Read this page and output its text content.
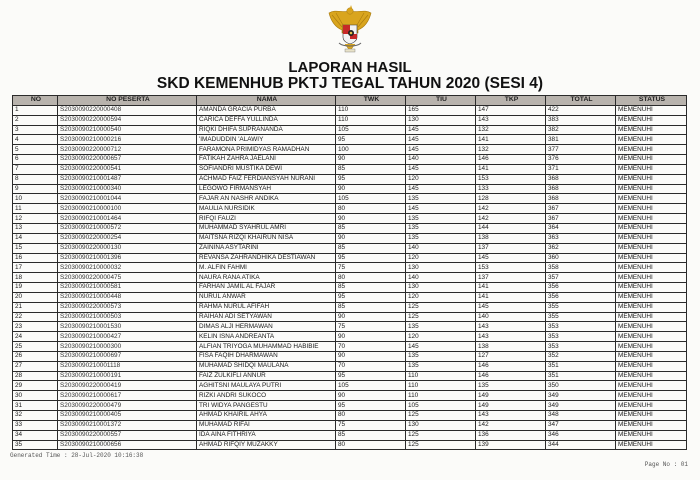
LAPORAN HASIL
SKD KEMENHUB PKTJ TEGAL TAHUN 2020 (SESI 4)
NO	NO PESERTA	NAMA	TWK	TIU	TKP	TOTAL	STATUS
1	S2030090220000408	AMANDA GRACIA PURBA	110	165	147	422	MEMENUHI
2	S2030090220000594	CARICA DEFFA YULLINDA	110	130	143	383	MEMENUHI
3	S2030090210000540	RIQKI DHIFA SUPRANANDA	105	145	132	382	MEMENUHI
4	S2030090210000216	'IMADUDDIN 'ALAWIY	95	145	141	381	MEMENUHI
5	S2030090220000712	FARAMONA PRIMIDYAS RAMADHAN	100	145	132	377	MEMENUHI
6	S2030090220000657	FATIKAH ZAHRA JAELANI	90	140	146	376	MEMENUHI
7	S2030090220000541	SOFIANDRI MUSTIKA DEWI	85	145	141	371	MEMENUHI
8	S2030090210001487	ACHMAD FAIZ FERDIANSYAH NURANI	95	120	153	368	MEMENUHI
9	S2030090210000340	LEGOWO FIRMANSYAH	90	145	133	368	MEMENUHI
10	S2030090210001044	FAJAR AN NASHR ANDIKA	105	135	128	368	MEMENUHI
11	S2030090210000100	MAULIA NURSIDIK	80	145	142	367	MEMENUHI
12	S2030090210001464	RIFQI FAUZI	90	135	142	367	MEMENUHI
13	S2030090210000572	MUHAMMAD SYAHRUL AMRI	85	135	144	364	MEMENUHI
14	S2030090220000254	MAITSNA RIZQI KHAIRUN NISA	90	135	138	363	MEMENUHI
15	S2030090220000130	ZAININA ASYTARINI	85	140	137	362	MEMENUHI
16	S2030090210001396	REVANSA ZAHRANDHIKA DESTIAWAN	95	120	145	360	MEMENUHI
17	S2030090210000032	M. ALFIN FAHMI	75	130	153	358	MEMENUHI
18	S2030090220000475	NAURA RANA ATIKA	80	140	137	357	MEMENUHI
19	S2030090210000581	FARHAN JAMIL AL FAJAR	85	130	141	356	MEMENUHI
20	S2030090210000448	NURUL ANWAR	95	120	141	356	MEMENUHI
21	S2030090220000573	RAHMA NURUL AFIFAH	85	125	145	355	MEMENUHI
22	S2030090210000503	RAIHAN ADI SETYAWAN	90	125	140	355	MEMENUHI
23	S2030090210001530	DIMAS ALJI HERMAWAN	75	135	143	353	MEMENUHI
24	S2030090210000427	KELIN ISNA ANDREANTA	90	120	143	353	MEMENUHI
25	S2030090210000300	ALFIAN TRIYOGA MUHAMMAD HABIBIE	70	145	138	353	MEMENUHI
26	S2030090210000697	FISA FAQIH DHARMAWAN	90	135	127	352	MEMENUHI
27	S2030090210001118	MUHAMAD SHIDQI MAULANA	70	135	146	351	MEMENUHI
28	S2030090210000191	FAIZ ZULKIFLI ANNUR	95	110	146	351	MEMENUHI
29	S2030090220000419	AGHITSNI MAULAYA PUTRI	105	110	135	350	MEMENUHI
30	S2030090210000617	RIZKI ANDRI SUKOCO	90	110	149	349	MEMENUHI
31	S2030090220000479	TRI WIDYA PANGESTU	95	105	149	349	MEMENUHI
32	S2030090210000405	AHMAD KHAIRIL AHYA	80	125	143	348	MEMENUHI
33	S2030090210001372	MUHAMAD RIFAI	75	130	142	347	MEMENUHI
34	S2030090220000557	IDA AINA FITHRIYA	85	125	136	346	MEMENUHI
35	S2030090210000656	AHMAD RIFQIY MUZAKKY	80	125	139	344	MEMENUHI
Generated Time : 28-Jul-2020 10:16:38
Page No : 01
